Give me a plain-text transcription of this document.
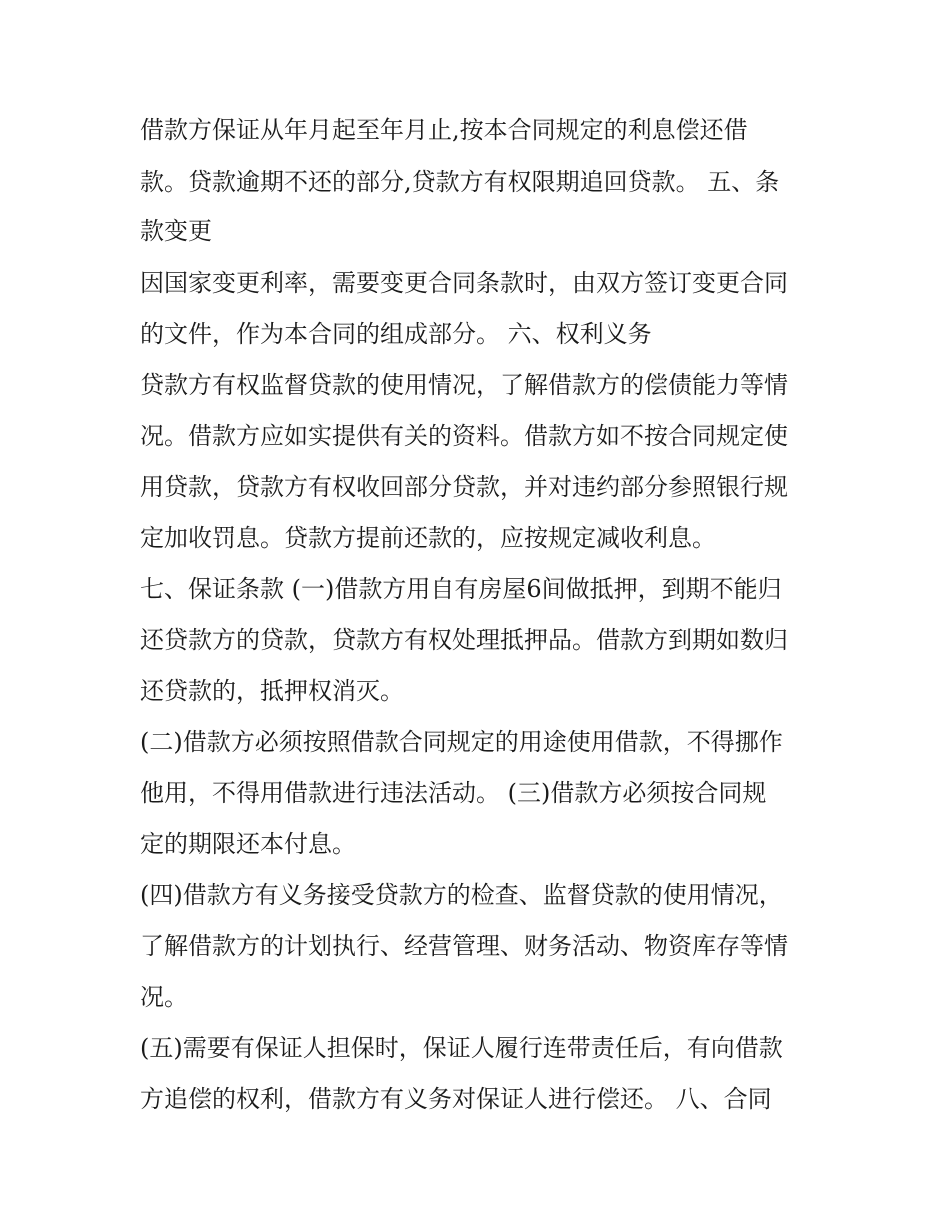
借款方保证从年月起至年月止,按本合同规定的利息偿还借
款。贷款逾期不还的部分,贷款方有权限期追回贷款。 五、条
款变更
因国家变更利率，需要变更合同条款时，由双方签订变更合同
的文件，作为本合同的组成部分。 六、权利义务
贷款方有权监督贷款的使用情况，了解借款方的偿债能力等情
况。借款方应如实提供有关的资料。借款方如不按合同规定使
用贷款，贷款方有权收回部分贷款，并对违约部分参照银行规
定加收罚息。贷款方提前还款的，应按规定减收利息。
七、保证条款 (一)借款方用自有房屋6间做抵押，到期不能归
还贷款方的贷款，贷款方有权处理抵押品。借款方到期如数归
还贷款的，抵押权消灭。
(二)借款方必须按照借款合同规定的用途使用借款，不得挪作
他用，不得用借款进行违法活动。 (三)借款方必须按合同规
定的期限还本付息。
(四)借款方有义务接受贷款方的检查、监督贷款的使用情况，
了解借款方的计划执行、经营管理、财务活动、物资库存等情
况。
(五)需要有保证人担保时，保证人履行连带责任后，有向借款
方追偿的权利，借款方有义务对保证人进行偿还。 八、合同
